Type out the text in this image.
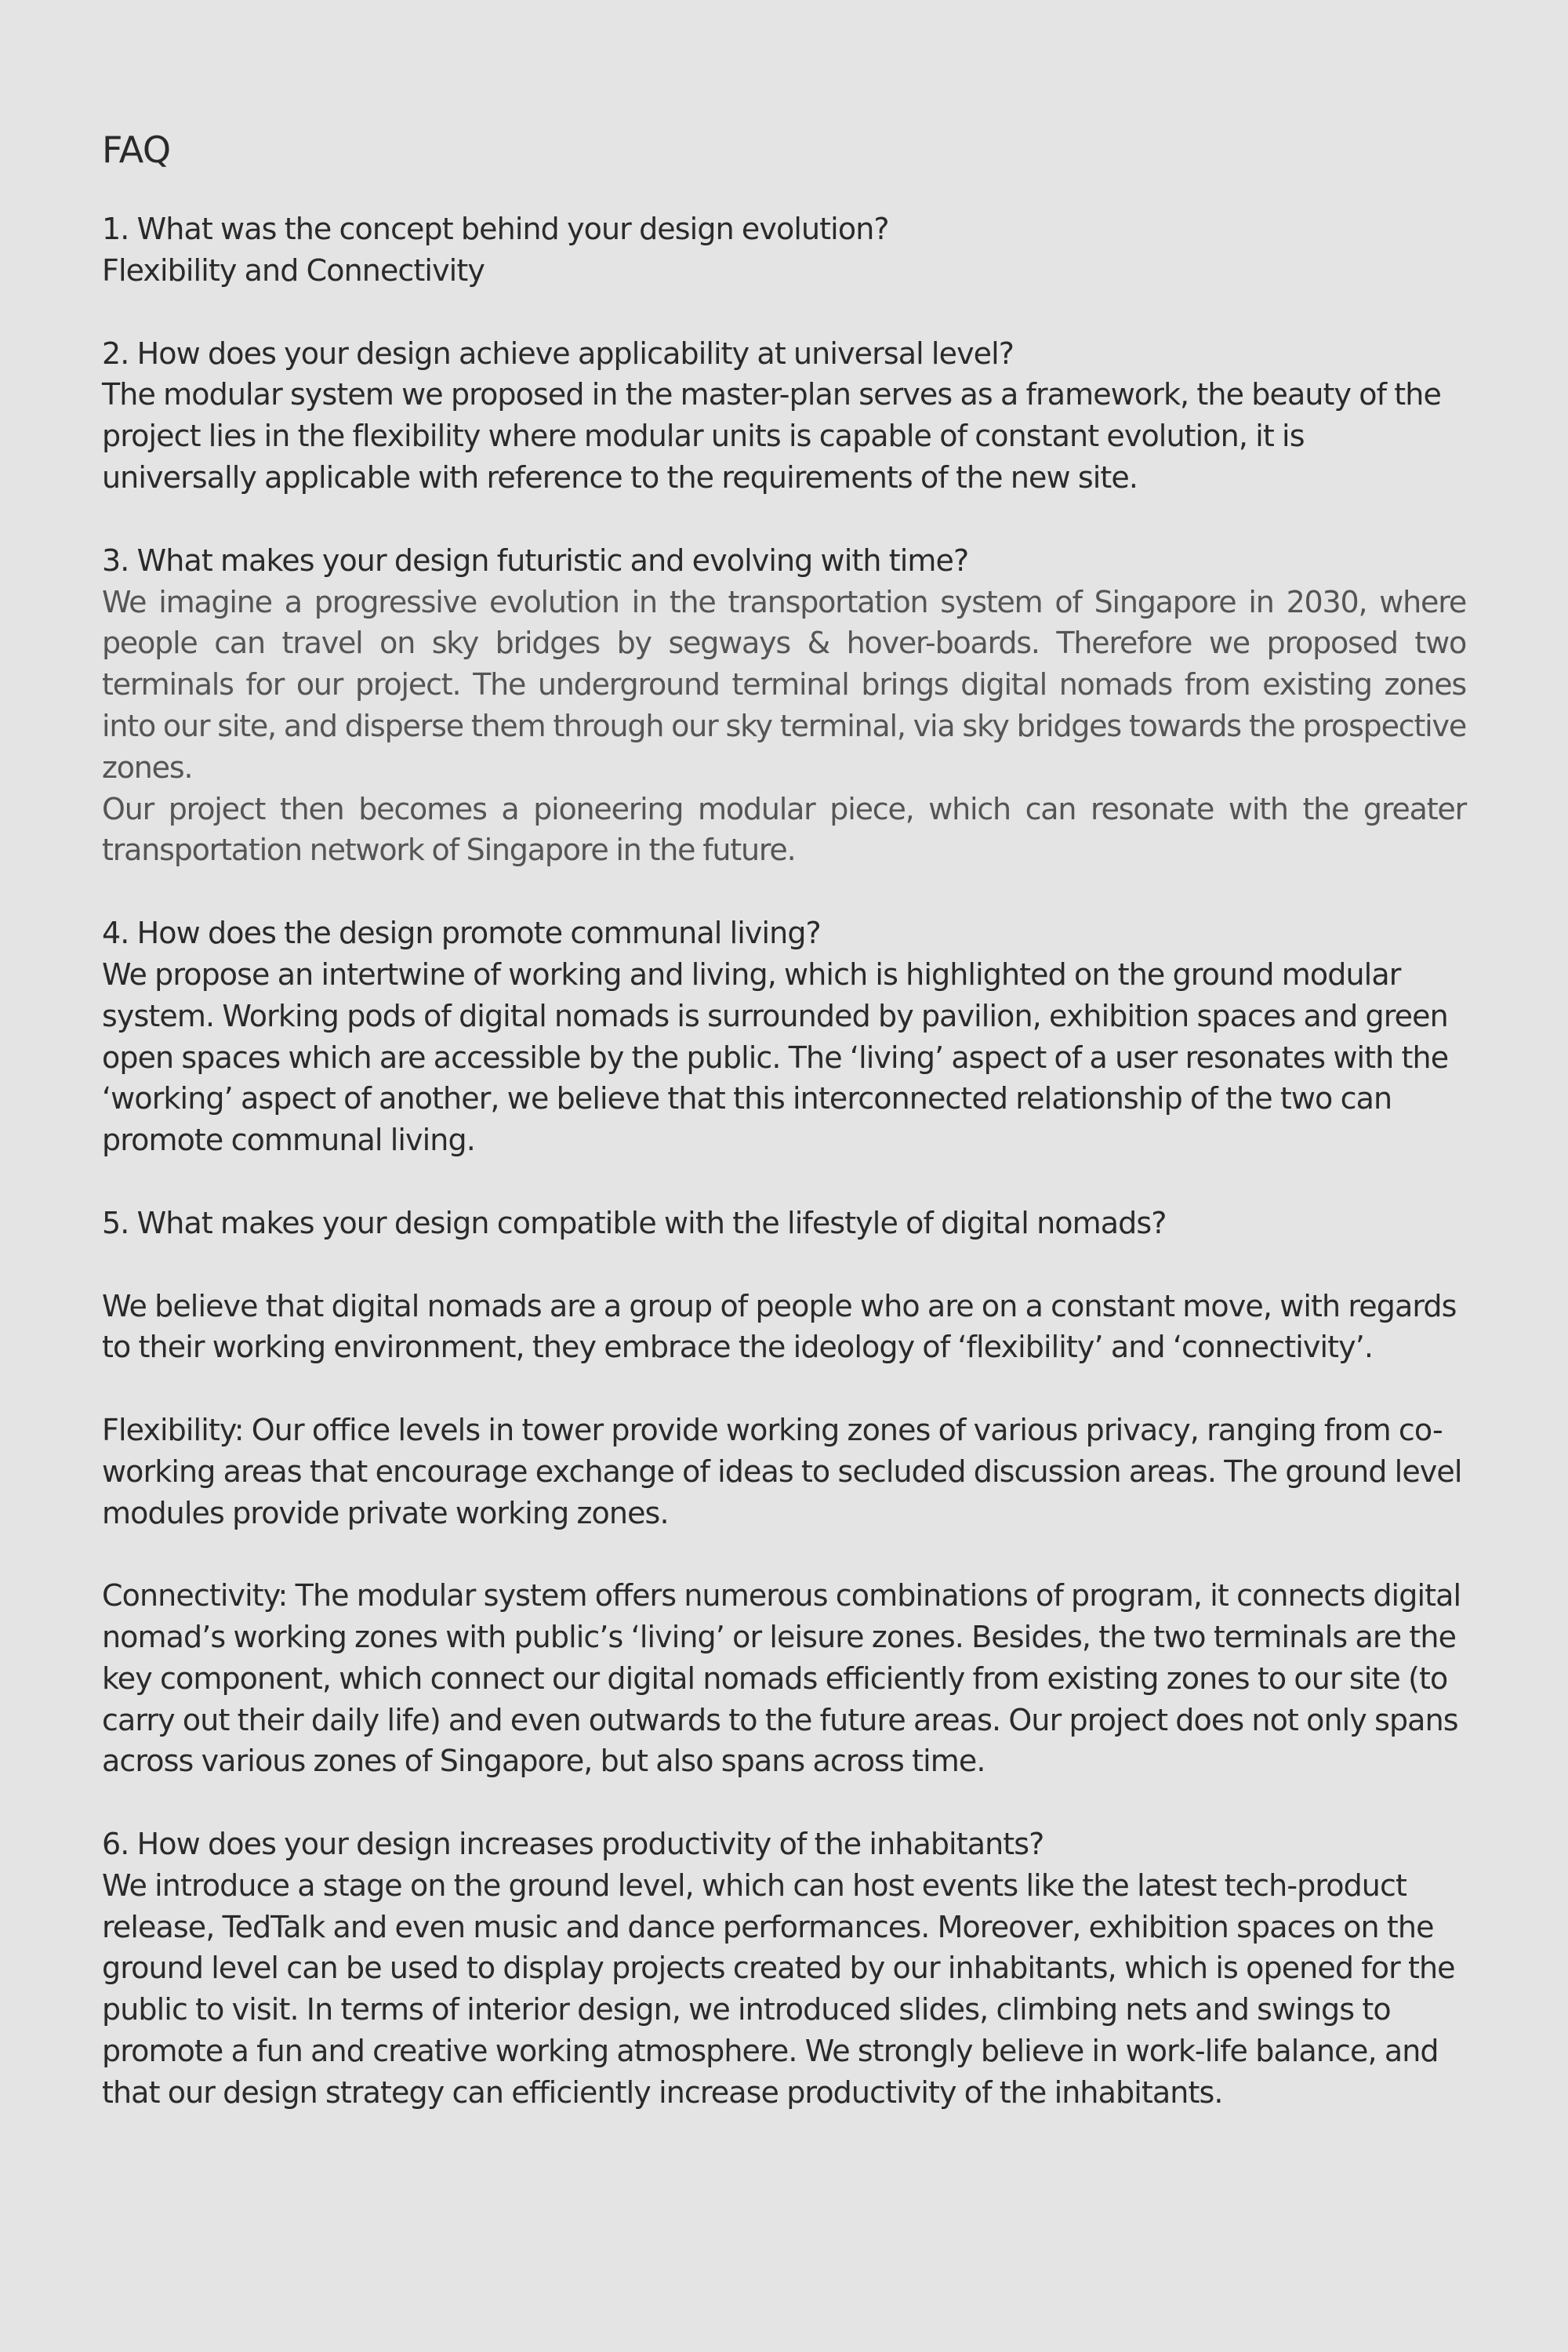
FAQ

1. What was the concept behind your design evolution?

Flexibility and Connectivity

2. How does your design achieve applicability at universal level?

The modular system we proposed in the master-plan serves as a framework, the beauty of the project lies in the flexibility where modular units is capable of constant evolution, it is universally applicable with reference to the requirements of the new site.

3. What makes your design futuristic and evolving with time?

We imagine a progressive evolution in the transportation system of Singapore in 2030, where people can travel on sky bridges by segways & hover-boards. Therefore we proposed two terminals for our project. The underground terminal brings digital nomads from existing zones into our site, and disperse them through our sky terminal, via sky bridges towards the prospective zones.

Our project then becomes a pioneering modular piece, which can resonate with the greater transportation network of Singapore in the future.

4. How does the design promote communal living?

We propose an intertwine of working and living, which is highlighted on the ground modular system. Working pods of digital nomads is surrounded by pavilion, exhibition spaces and green open spaces which are accessible by the public. The ‘living’ aspect of a user resonates with the ‘working’ aspect of another, we believe that this interconnected relationship of the two can promote communal living.

5. What makes your design compatible with the lifestyle of digital nomads?

We believe that digital nomads are a group of people who are on a constant move, with regards to their working environment, they embrace the ideology of ‘flexibility’ and ‘connectivity’.

Flexibility: Our office levels in tower provide working zones of various privacy, ranging from co-working areas that encourage exchange of ideas to secluded discussion areas. The ground level modules provide private working zones.

Connectivity: The modular system offers numerous combinations of program, it connects digital nomad’s working zones with public’s ‘living’ or leisure zones. Besides, the two terminals are the key component, which connect our digital nomads efficiently from existing zones to our site (to carry out their daily life) and even outwards to the future areas. Our project does not only spans across various zones of Singapore, but also spans across time.

6. How does your design increases productivity of the inhabitants?

We introduce a stage on the ground level, which can host events like the latest tech-product release, TedTalk and even music and dance performances. Moreover, exhibition spaces on the ground level can be used to display projects created by our inhabitants, which is opened for the public to visit. In terms of interior design, we introduced slides, climbing nets and swings to promote a fun and creative working atmosphere. We strongly believe in work-life balance, and that our design strategy can efficiently increase productivity of the inhabitants.
